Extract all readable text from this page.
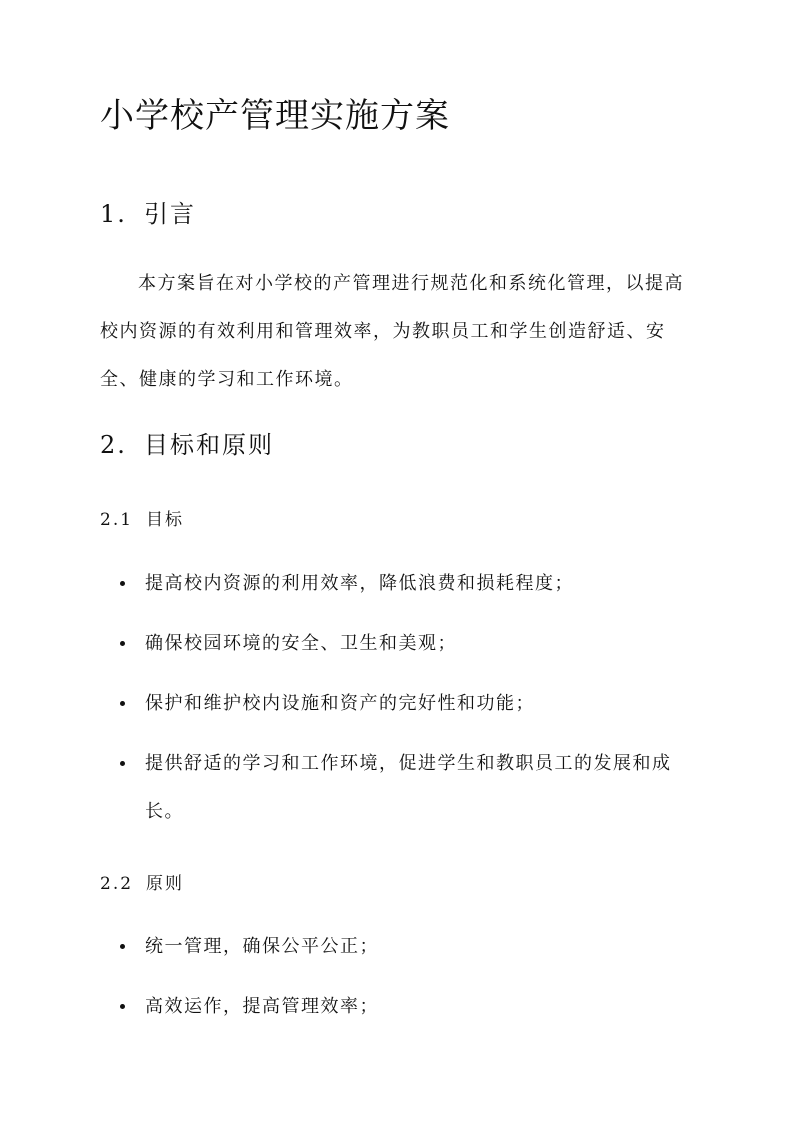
小学校产管理实施方案
1. 引言

本方案旨在对小学校的产管理进行规范化和系统化管理，以提高校内资源的有效利用和管理效率，为教职员工和学生创造舒适、安全、健康的学习和工作环境。

2. 目标和原则
2.1 目标
提高校内资源的利用效率，降低浪费和损耗程度；
确保校园环境的安全、卫生和美观；
保护和维护校内设施和资产的完好性和功能；
提供舒适的学习和工作环境，促进学生和教职员工的发展和成长。
2.2 原则
统一管理，确保公平公正；
高效运作，提高管理效率；
